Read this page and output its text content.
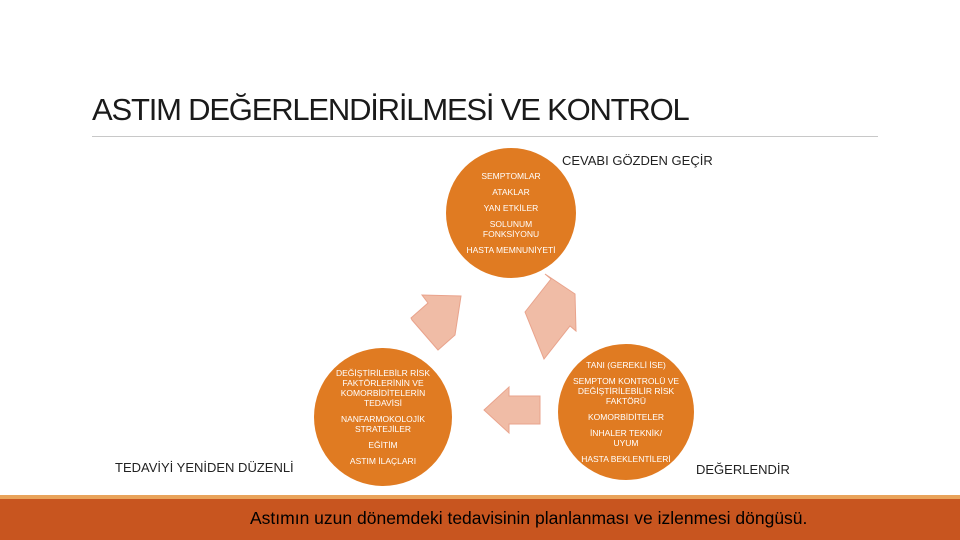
ASTIM DEĞERLENDİRİLMESİ VE KONTROL
CEVABI GÖZDEN GEÇİR
DEĞERLENDİR
TEDAVİYİ YENİDEN DÜZENLİ
SEMPTOMLAR
ATAKLAR
YAN ETKİLER
SOLUNUM FONKSİYONU
HASTA MEMNUNİYETİ
TANI (GEREKLİ İSE)
SEMPTOM KONTROLÜ VE DEĞİŞTİRİLEBİLİR RİSK FAKTÖRÜ
KOMORBİDİTELER
İNHALER TEKNİK/ UYUM
HASTA BEKLENTİLERİ
DEĞİŞTİRİLEBİLR RİSK FAKTÖRLERİNİN VE KOMORBİDİTELERİN TEDAVİSİ
NANFARMOKOLOJİK STRATEJİLER
EĞİTİM
ASTIM İLAÇLARI
Astımın uzun dönemdeki tedavisinin planlanması ve izlenmesi döngüsü.
